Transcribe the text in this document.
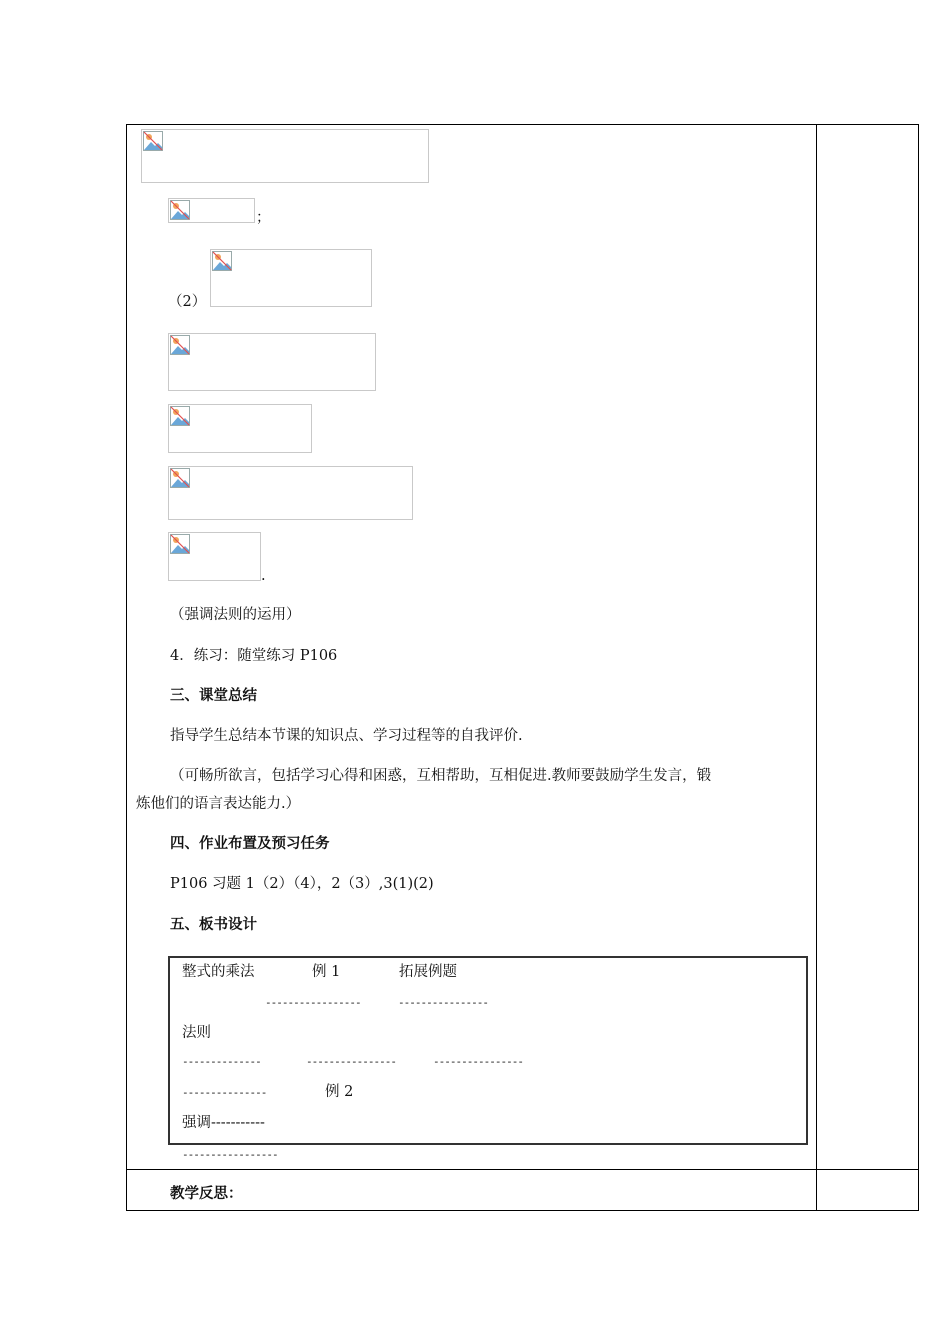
；
（2）
.
（强调法则的运用）
4．练习：随堂练习 P106
三、课堂总结
指导学生总结本节课的知识点、学习过程等的自我评价.
（可畅所欲言，包括学习心得和困惑，互相帮助，互相促进.教师要鼓励学生发言，锻
炼他们的语言表达能力.）
四、作业布置及预习任务
P106 习题 1（2）（4），2（3）,3(1)(2)
五、板书设计
整式的乘法	例 1	拓展例题
-----------------	----------------
法则
--------------	----------------	----------------
---------------	例 2
强调-----------
-----------------
教学反思：
